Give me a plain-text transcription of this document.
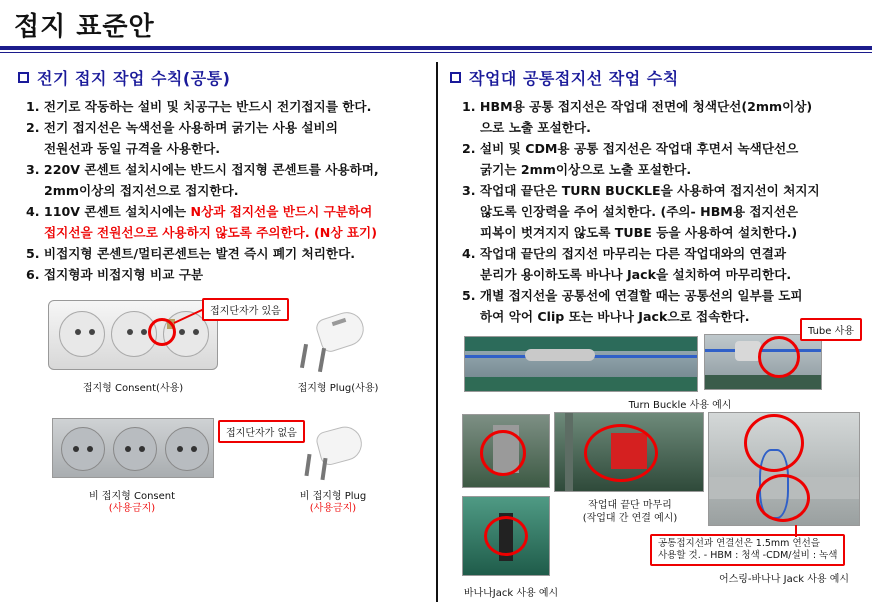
접지 표준안
전기 접지 작업 수칙(공통)
1. 전기로 작동하는 설비 및 치공구는 반드시 전기접지를 한다.
2. 전기 접지선은 녹색선을 사용하며 굵기는 사용 설비의
전원선과 동일 규격을 사용한다.
3. 220V 콘센트 설치시에는 반드시 접지형 콘센트를 사용하며,
2mm이상의 접지선으로 접지한다.
4. 110V 콘센트 설치시에는 N상과 접지선을 반드시 구분하여
접지선을 전원선으로 사용하지 않도록 주의한다. (N상 표기)
5. 비접지형 콘센트/멀티콘센트는 발견 즉시 폐기 처리한다.
6. 접지형과 비접지형 비교 구분
접지단자가 있음
접지형 Consent(사용)	접지형 Plug(사용)
접지단자가 없음
비 접지형 Consent
(사용금지)
비 접지형 Plug
(사용금지)
작업대 공통접지선 작업 수칙
1. HBM용 공통 접지선은 작업대 전면에 청색단선(2mm이상)
으로 노출 포설한다.
2. 설비 및 CDM용 공통 접지선은 작업대 후면서 녹색단선으
굵기는 2mm이상으로 노출 포설한다.
3. 작업대 끝단은 TURN BUCKLE을 사용하여 접지선이 처지지
않도록 인장력을 주어 설치한다. (주의- HBM용 접지선은
피복이 벗겨지지 않도록 TUBE 등을 사용하여 설치한다.)
4. 작업대 끝단의 접지선 마무리는 다른 작업대와의 연결과
분리가 용이하도록 바나나 Jack을 설치하여 마무리한다.
5. 개별 접지선을 공통선에 연결할 때는 공통선의 일부를 도피
하여 악어 Clip 또는 바나나 Jack으로 접속한다.
Tube 사용
Turn Buckle 사용 예시
작업대 끝단 마무리
(작업대 간 연결 예시)
바나나Jack 사용 예시
공통접지선과 연결선은 1.5mm 연선을
사용할 것. - HBM : 청색 -CDM/설비 : 녹색
어스링-바나나 Jack 사용 예시
